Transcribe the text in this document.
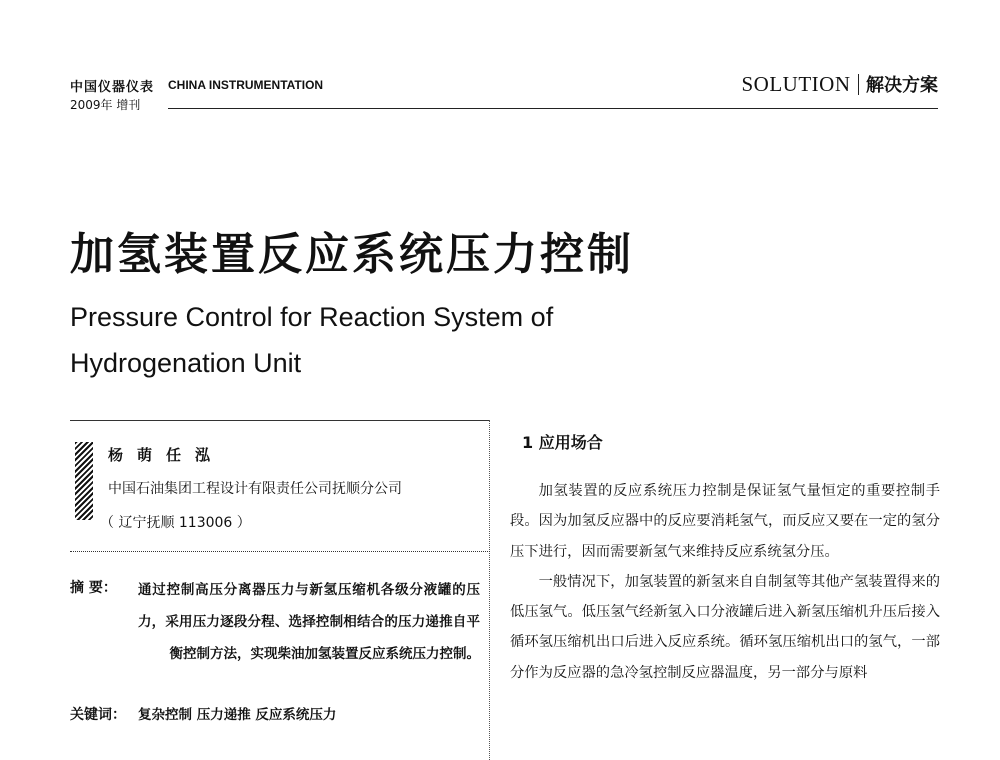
中国仪器仪表 CHINA INSTRUMENTATION
2009年 增刊
SOLUTION 解决方案
加氢装置反应系统压力控制
Pressure Control for Reaction System of Hydrogenation Unit
杨萌任泓
中国石油集团工程设计有限责任公司抚顺分公司
（ 辽宁抚顺 113006 ）
摘 要： 通过控制高压分离器压力与新氢压缩机各级分液罐的压力，采用压力逐段分程、选择控制相结合的压力递推自平衡控制方法，实现柴油加氢装置反应系统压力控制。

关键词： 复杂控制 压力递推 反应系统压力
1 应用场合

加氢装置的反应系统压力控制是保证氢气量恒定的重要控制手段。因为加氢反应器中的反应要消耗氢气，而反应又要在一定的氢分压下进行，因而需要新氢气来维持反应系统氢分压。

一般情况下，加氢装置的新氢来自自制氢等其他产氢装置得来的低压氢气。低压氢气经新氢入口分液罐后进入新氢压缩机升压后接入循环氢压缩机出口后进入反应系统。循环氢压缩机出口的氢气，一部分作为反应器的急冷氢控制反应器温度，另一部分与原料
